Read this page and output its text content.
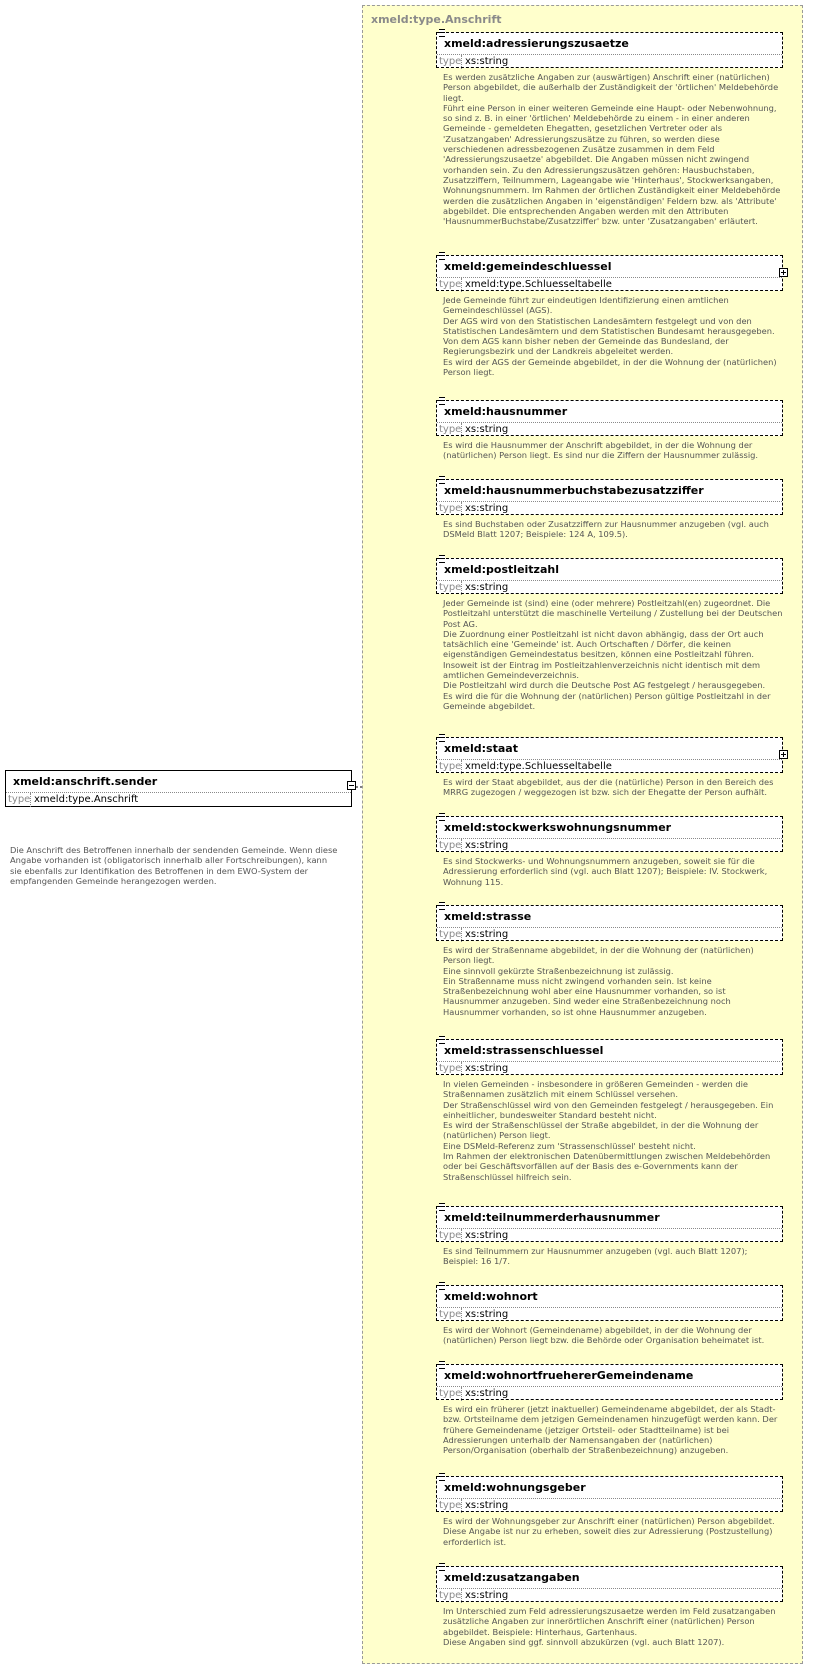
xmeld:anschrift.sender
type xmeld:type.Anschrift
Die Anschrift des Betroffenen innerhalb der sendenden Gemeinde. Wenn diese Angabe vorhanden ist (obligatorisch innerhalb aller Fortschreibungen), kann sie ebenfalls zur Identifikation des Betroffenen in dem EWO-System der empfangenden Gemeinde herangezogen werden.
xmeld:type.Anschrift
xmeld:adressierungszusaetze
type xs:string
Es werden zusätzliche Angaben zur (auswärtigen) Anschrift einer (natürlichen) Person abgebildet, die außerhalb der Zuständigkeit der 'örtlichen' Meldebehörde liegt.
Führt eine Person in einer weiteren Gemeinde eine Haupt- oder Nebenwohnung, so sind z. B. in einer 'örtlichen' Meldebehörde zu einem - in einer anderen Gemeinde - gemeldeten Ehegatten, gesetzlichen Vertreter oder als 'Zusatzangaben' Adressierungszusätze zu führen, so werden diese verschiedenen adressbezogenen Zusätze zusammen in dem Feld 'Adressierungszusaetze' abgebildet. Die Angaben müssen nicht zwingend vorhanden sein. Zu den Adressierungszusätzen gehören: Hausbuchstaben, Zusatzziffern, Teilnummern, Lageangabe wie 'Hinterhaus', Stockwerksangaben, Wohnungsnummern. Im Rahmen der örtlichen Zuständigkeit einer Meldebehörde werden die zusätzlichen Angaben in 'eigenständigen' Feldern bzw. als 'Attribute' abgebildet. Die entsprechenden Angaben werden mit den Attributen 'HausnummerBuchstabe/Zusatzziffer' bzw. unter 'Zusatzangaben' erläutert.
xmeld:gemeindeschluessel
type xmeld:type.Schluesseltabelle
Jede Gemeinde führt zur eindeutigen Identifizierung einen amtlichen Gemeindeschlüssel (AGS).
Der AGS wird von den Statistischen Landesämtern festgelegt und von den Statistischen Landesämtern und dem Statistischen Bundesamt herausgegeben. Von dem AGS kann bisher neben der Gemeinde das Bundesland, der Regierungsbezirk und der Landkreis abgeleitet werden.
Es wird der AGS der Gemeinde abgebildet, in der die Wohnung der (natürlichen) Person liegt.
xmeld:hausnummer
type xs:string
Es wird die Hausnummer der Anschrift abgebildet, in der die Wohnung der (natürlichen) Person liegt. Es sind nur die Ziffern der Hausnummer zulässig.
xmeld:hausnummerbuchstabezusatzziffer
type xs:string
Es sind Buchstaben oder Zusatzziffern zur Hausnummer anzugeben (vgl. auch DSMeld Blatt 1207; Beispiele: 124 A, 109.5).
xmeld:postleitzahl
type xs:string
Jeder Gemeinde ist (sind) eine (oder mehrere) Postleitzahl(en) zugeordnet. Die Postleitzahl unterstützt die maschinelle Verteilung / Zustellung bei der Deutschen Post AG.
Die Zuordnung einer Postleitzahl ist nicht davon abhängig, dass der Ort auch tatsächlich eine 'Gemeinde' ist. Auch Ortschaften / Dörfer, die keinen eigenständigen Gemeindestatus besitzen, können eine Postleitzahl führen. Insoweit ist der Eintrag im Postleitzahlenverzeichnis nicht identisch mit dem amtlichen Gemeindeverzeichnis.
Die Postleitzahl wird durch die Deutsche Post AG festgelegt / herausgegeben.
Es wird die für die Wohnung der (natürlichen) Person gültige Postleitzahl in der Gemeinde abgebildet.
xmeld:staat
type xmeld:type.Schluesseltabelle
Es wird der Staat abgebildet, aus der die (natürliche) Person in den Bereich des MRRG zugezogen / weggezogen ist bzw. sich der Ehegatte der Person aufhält.
xmeld:stockwerkswohnungsnummer
type xs:string
Es sind Stockwerks- und Wohnungsnummern anzugeben, soweit sie für die Adressierung erforderlich sind (vgl. auch Blatt 1207); Beispiele: IV. Stockwerk, Wohnung 115.
xmeld:strasse
type xs:string
Es wird der Straßenname abgebildet, in der die Wohnung der (natürlichen) Person liegt.
Eine sinnvoll gekürzte Straßenbezeichnung ist zulässig.
Ein Straßenname muss nicht zwingend vorhanden sein. Ist keine Straßenbezeichnung wohl aber eine Hausnummer vorhanden, so ist Hausnummer anzugeben. Sind weder eine Straßenbezeichnung noch Hausnummer vorhanden, so ist ohne Hausnummer anzugeben.
xmeld:strassenschluessel
type xs:string
In vielen Gemeinden - insbesondere in größeren Gemeinden - werden die Straßennamen zusätzlich mit einem Schlüssel versehen.
Der Straßenschlüssel wird von den Gemeinden festgelegt / herausgegeben. Ein einheitlicher, bundesweiter Standard besteht nicht.
Es wird der Straßenschlüssel der Straße abgebildet, in der die Wohnung der (natürlichen) Person liegt.
Eine DSMeld-Referenz zum 'Strassenschlüssel' besteht nicht.
Im Rahmen der elektronischen Datenübermittlungen zwischen Meldebehörden oder bei Geschäftsvorfällen auf der Basis des e-Governments kann der Straßenschlüssel hilfreich sein.
xmeld:teilnummerderhausnummer
type xs:string
Es sind Teilnummern zur Hausnummer anzugeben (vgl. auch Blatt 1207); Beispiel: 16 1/7.
xmeld:wohnort
type xs:string
Es wird der Wohnort (Gemeindename) abgebildet, in der die Wohnung der (natürlichen) Person liegt bzw. die Behörde oder Organisation beheimatet ist.
xmeld:wohnortfruehererGemeindename
type xs:string
Es wird ein früherer (jetzt inaktueller) Gemeindename abgebildet, der als Stadt- bzw. Ortsteilname dem jetzigen Gemeindenamen hinzugefügt werden kann. Der frühere Gemeindename (jetziger Ortsteil- oder Stadtteilname) ist bei Adressierungen unterhalb der Namensangaben der (natürlichen) Person/Organisation (oberhalb der Straßenbezeichnung) anzugeben.
xmeld:wohnungsgeber
type xs:string
Es wird der Wohnungsgeber zur Anschrift einer (natürlichen) Person abgebildet. Diese Angabe ist nur zu erheben, soweit dies zur Adressierung (Postzustellung) erforderlich ist.
xmeld:zusatzangaben
type xs:string
Im Unterschied zum Feld adressierungszusaetze werden im Feld zusatzangaben zusätzliche Angaben zur innerörtlichen Anschrift einer (natürlichen) Person abgebildet. Beispiele: Hinterhaus, Gartenhaus.
Diese Angaben sind ggf. sinnvoll abzukürzen (vgl. auch Blatt 1207).
